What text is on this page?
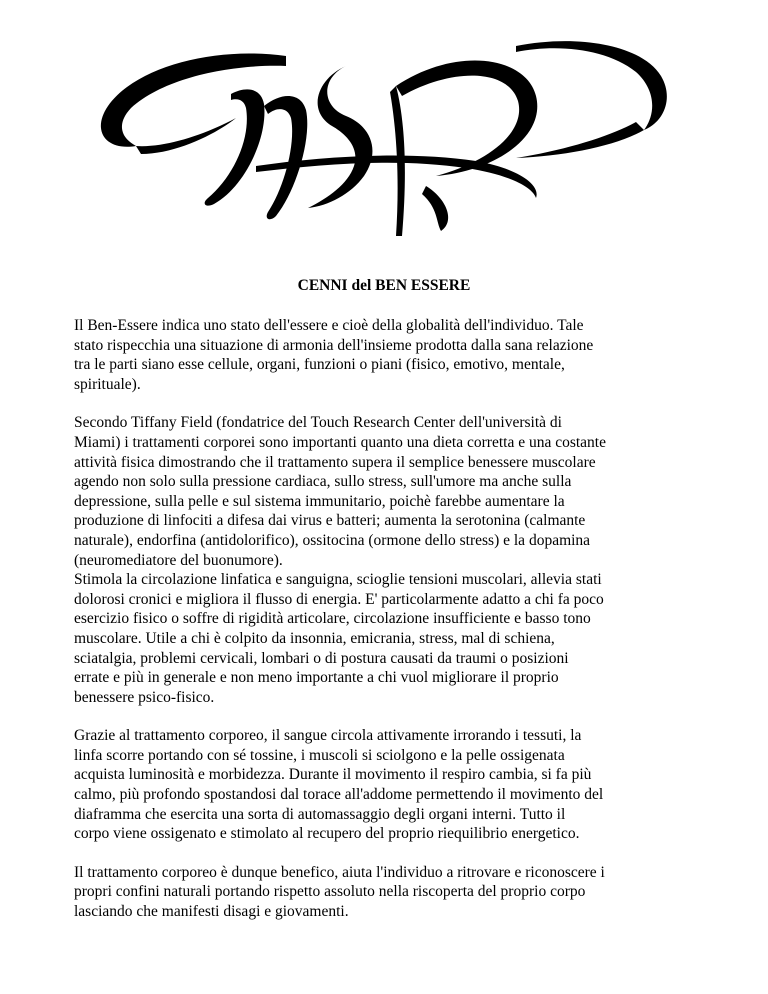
CENNI del BEN ESSERE

Il Ben-Essere indica uno stato dell'essere e cioè della globalità dell'individuo. Tale
stato rispecchia una situazione di armonia dell'insieme prodotta dalla sana relazione
tra le parti siano esse cellule, organi, funzioni o piani (fisico, emotivo, mentale,
spirituale).

Secondo Tiffany Field (fondatrice del Touch Research Center dell'università di
Miami) i trattamenti corporei sono importanti quanto una dieta corretta e una costante
attività fisica dimostrando che il trattamento supera il semplice benessere muscolare
agendo non solo sulla pressione cardiaca, sullo stress, sull'umore ma anche sulla
depressione, sulla pelle e sul sistema immunitario, poichè farebbe aumentare la
produzione di linfociti a difesa dai virus e batteri; aumenta la serotonina (calmante
naturale), endorfina (antidolorifico), ossitocina (ormone dello stress) e la dopamina
(neuromediatore del buonumore).

Stimola la circolazione linfatica e sanguigna, scioglie tensioni muscolari, allevia stati
dolorosi cronici e migliora il flusso di energia. E' particolarmente adatto a chi fa poco
esercizio fisico o soffre di rigidità articolare, circolazione insufficiente e basso tono
muscolare. Utile a chi è colpito da insonnia, emicrania, stress, mal di schiena,
sciatalgia, problemi cervicali, lombari o di postura causati da traumi o posizioni
errate e più in generale e non meno importante a chi vuol migliorare il proprio
benessere psico-fisico.

Grazie al trattamento corporeo, il sangue circola attivamente irrorando i tessuti, la
linfa scorre portando con sé tossine, i muscoli si sciolgono e la pelle ossigenata
acquista luminosità e morbidezza. Durante il movimento il respiro cambia, si fa più
calmo, più profondo spostandosi dal torace all'addome permettendo il movimento del
diaframma che esercita una sorta di automassaggio degli organi interni. Tutto il
corpo viene ossigenato e stimolato al recupero del proprio riequilibrio energetico.

Il trattamento corporeo è dunque benefico, aiuta l'individuo a ritrovare e riconoscere i
propri confini naturali portando rispetto assoluto nella riscoperta del proprio corpo
lasciando che manifesti disagi e giovamenti.
